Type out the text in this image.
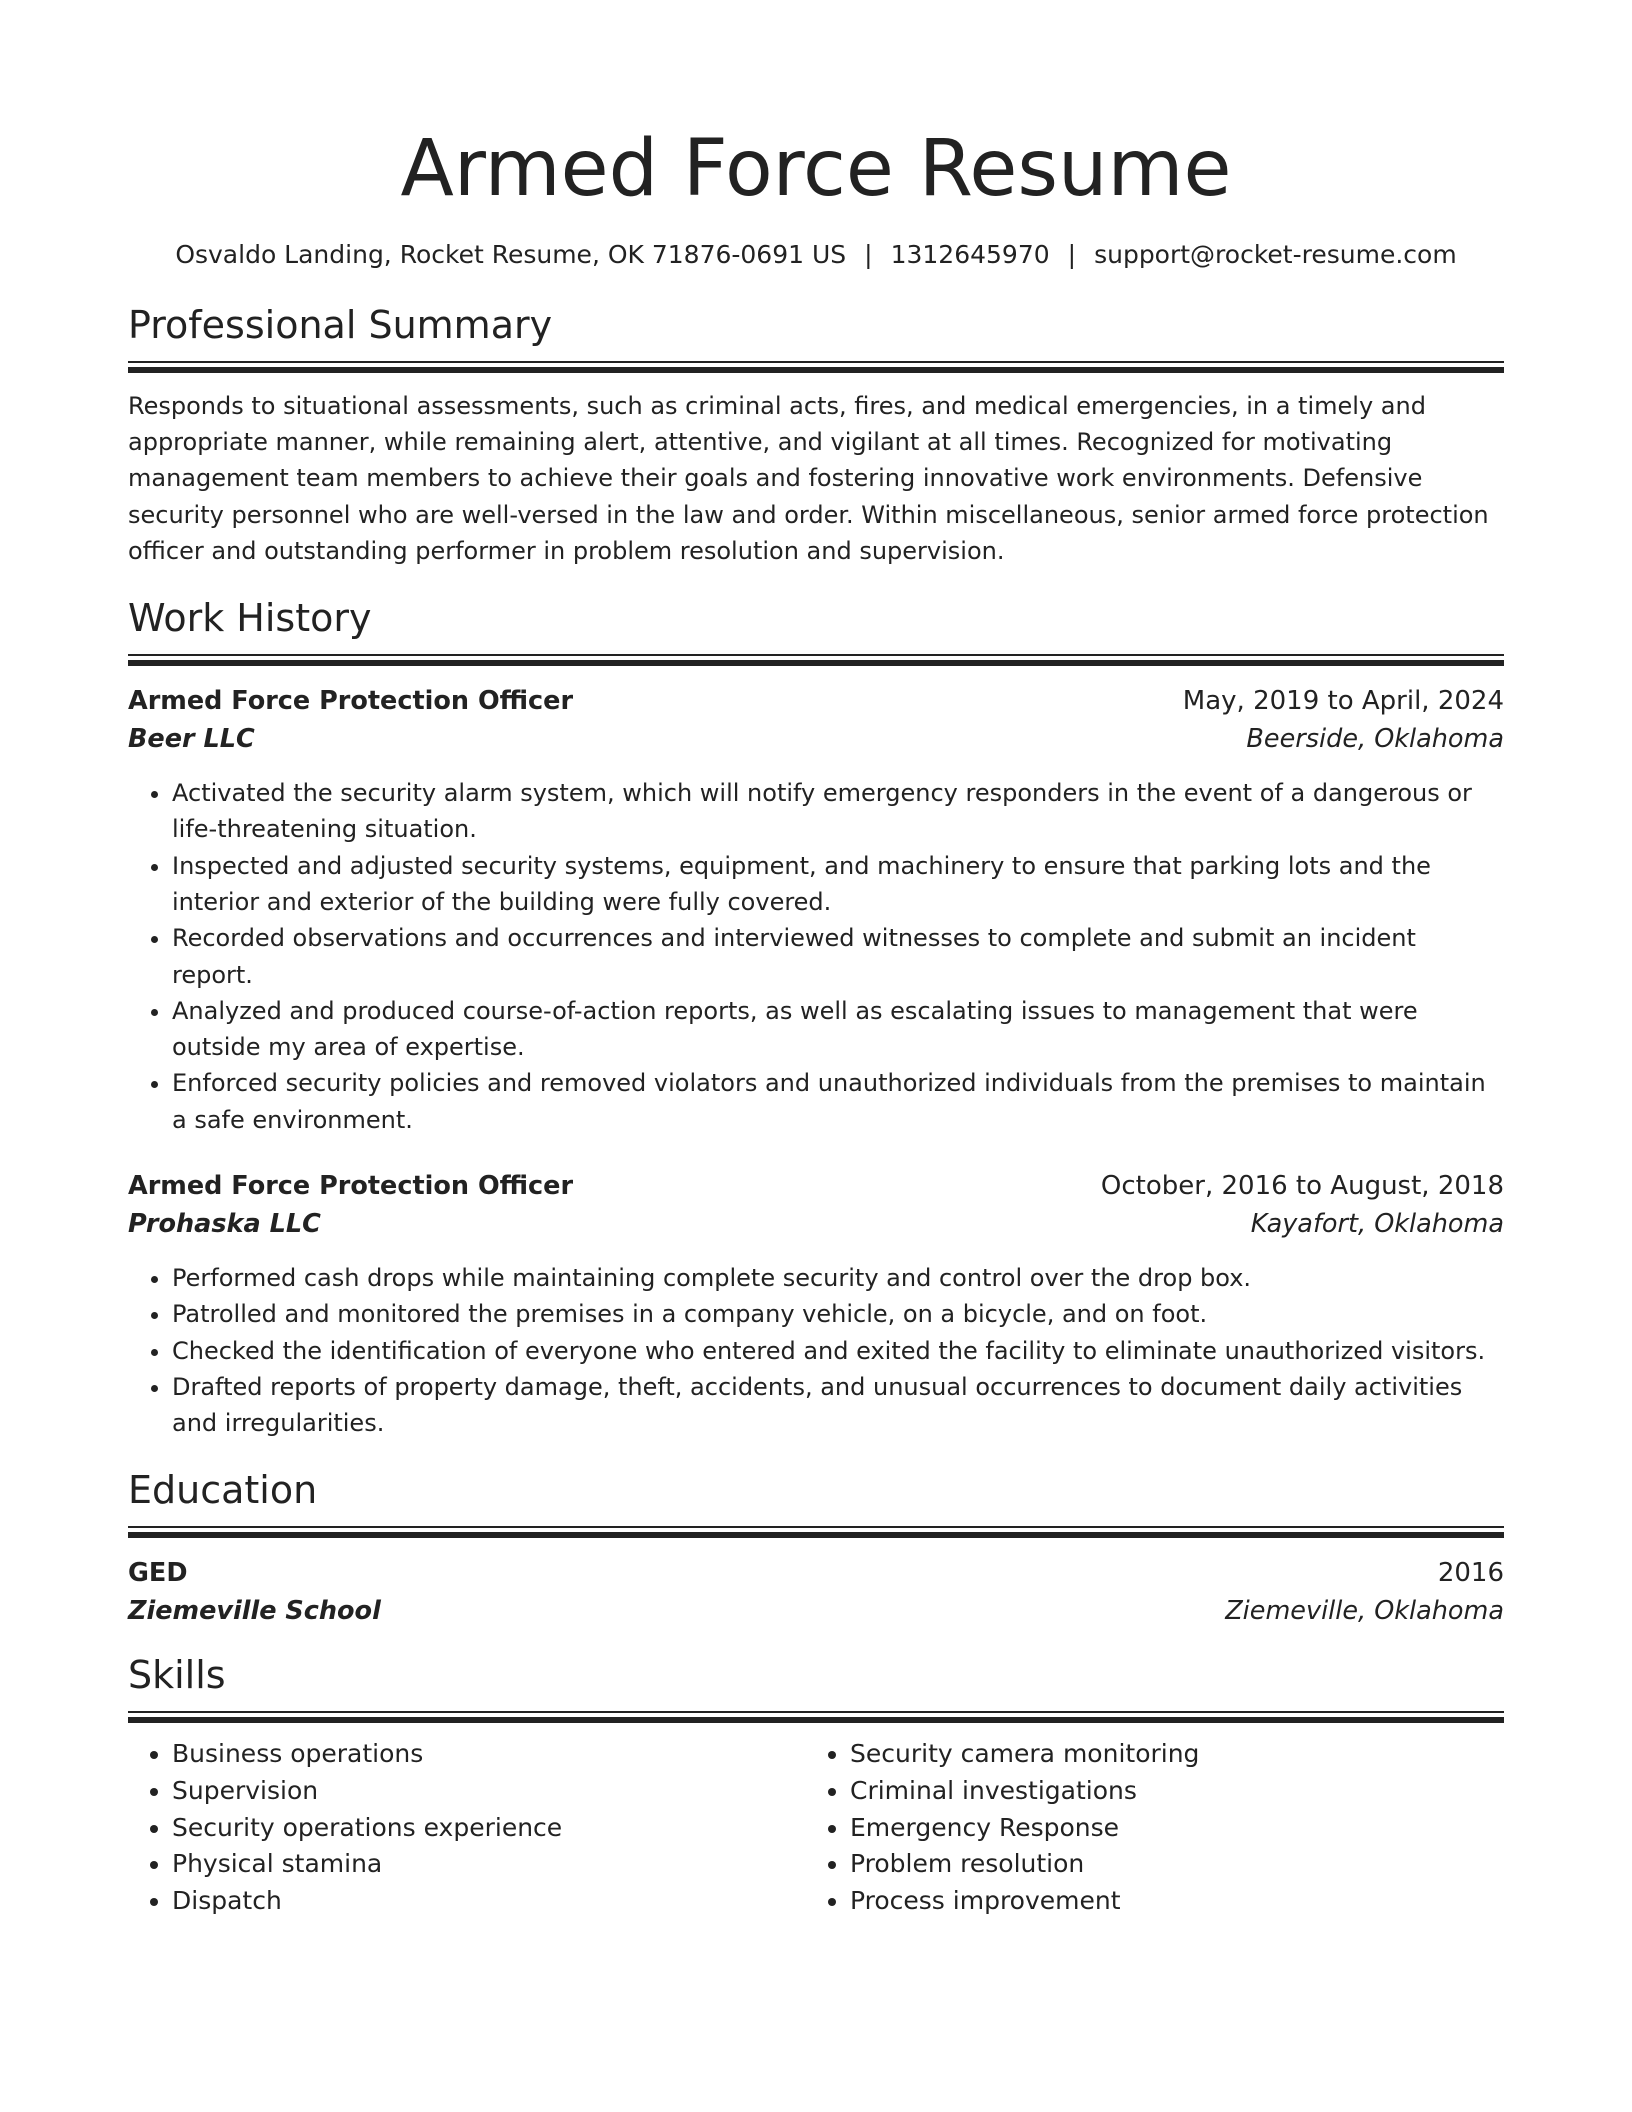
Armed Force Resume
Osvaldo Landing, Rocket Resume, OK 71876-0691 US | 1312645970 | support@rocket-resume.com
Professional Summary
Responds to situational assessments, such as criminal acts, fires, and medical emergencies, in a timely and appropriate manner, while remaining alert, attentive, and vigilant at all times. Recognized for motivating management team members to achieve their goals and fostering innovative work environments. Defensive security personnel who are well-versed in the law and order. Within miscellaneous, senior armed force protection officer and outstanding performer in problem resolution and supervision.
Work History
Armed Force Protection Officer	May, 2019 to April, 2024
Beer LLC	Beerside, Oklahoma
• Activated the security alarm system, which will notify emergency responders in the event of a dangerous or life-threatening situation.
• Inspected and adjusted security systems, equipment, and machinery to ensure that parking lots and the interior and exterior of the building were fully covered.
• Recorded observations and occurrences and interviewed witnesses to complete and submit an incident report.
• Analyzed and produced course-of-action reports, as well as escalating issues to management that were outside my area of expertise.
• Enforced security policies and removed violators and unauthorized individuals from the premises to maintain a safe environment.
Armed Force Protection Officer	October, 2016 to August, 2018
Prohaska LLC	Kayafort, Oklahoma
• Performed cash drops while maintaining complete security and control over the drop box.
• Patrolled and monitored the premises in a company vehicle, on a bicycle, and on foot.
• Checked the identification of everyone who entered and exited the facility to eliminate unauthorized visitors.
• Drafted reports of property damage, theft, accidents, and unusual occurrences to document daily activities and irregularities.
Education
GED	2016
Ziemeville School	Ziemeville, Oklahoma
Skills
• Business operations
• Supervision
• Security operations experience
• Physical stamina
• Dispatch
• Security camera monitoring
• Criminal investigations
• Emergency Response
• Problem resolution
• Process improvement
